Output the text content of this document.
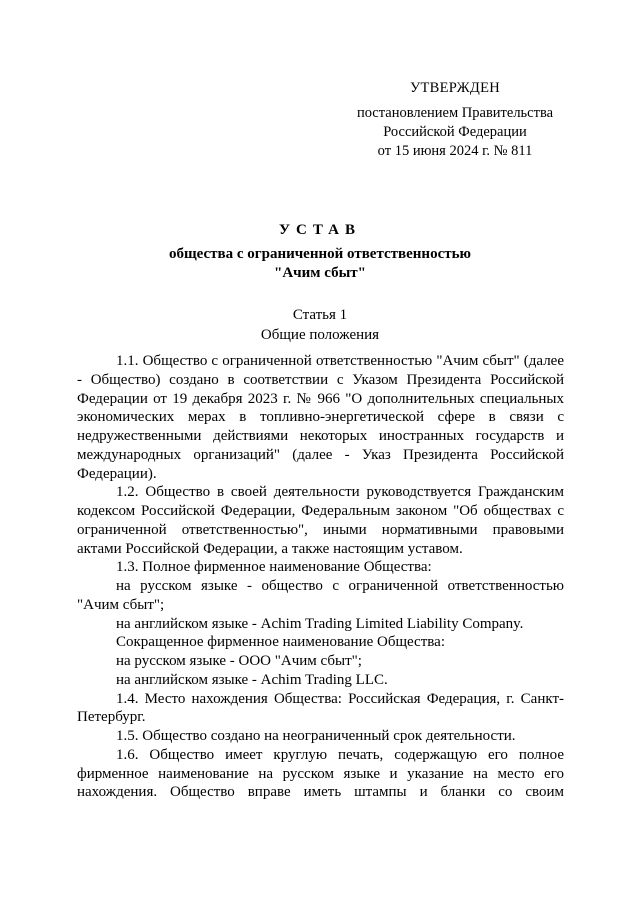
УТВЕРЖДЕН
постановлением Правительства
Российской Федерации
от 15 июня 2024 г. № 811
УСТАВ
общества с ограниченной ответственностью
"Ачим сбыт"
Статья 1
Общие положения

1.1. Общество с ограниченной ответственностью "Ачим сбыт" (далее - Общество) создано в соответствии с Указом Президента Российской Федерации от 19 декабря 2023 г. № 966 "О дополнительных специальных экономических мерах в топливно-энергетической сфере в связи с недружественными действиями некоторых иностранных государств и международных организаций" (далее - Указ Президента Российской Федерации).

1.2. Общество в своей деятельности руководствуется Гражданским кодексом Российской Федерации, Федеральным законом "Об обществах с ограниченной ответственностью", иными нормативными правовыми актами Российской Федерации, а также настоящим уставом.

1.3. Полное фирменное наименование Общества:

на русском языке - общество с ограниченной ответственностью "Ачим сбыт";

на английском языке - Achim Trading Limited Liability Company.

Сокращенное фирменное наименование Общества:

на русском языке - ООО "Ачим сбыт";

на английском языке - Achim Trading LLC.

1.4. Место нахождения Общества: Российская Федерация, г. Санкт-Петербург.

1.5. Общество создано на неограниченный срок деятельности.

1.6. Общество имеет круглую печать, содержащую его полное фирменное наименование на русском языке и указание на место его нахождения. Общество вправе иметь штампы и бланки со своим
